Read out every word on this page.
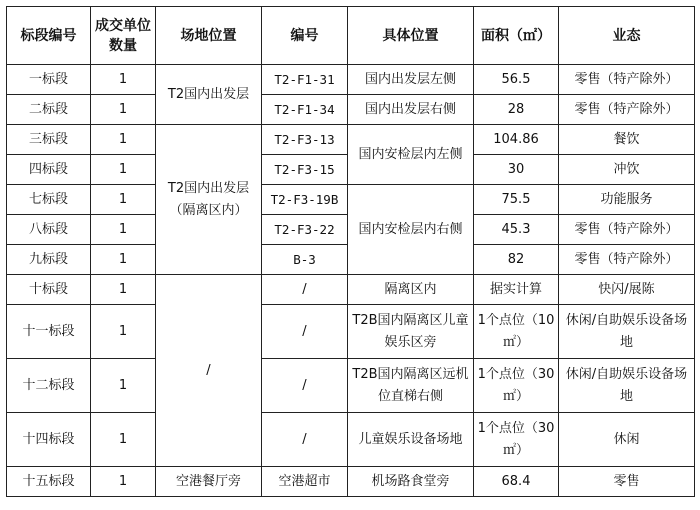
标段编号	成交单位数量	场地位置	编号	具体位置	面积（㎡）	业态
一标段	1	T2国内出发层	T2-F1-31	国内出发层左侧	56.5	零售（特产除外）
二标段	1		T2-F1-34	国内出发层右侧	28	零售（特产除外）
三标段	1	T2国内出发层（隔离区内）	T2-F3-13	国内安检层内左侧	104.86	餐饮
四标段	1		T2-F3-15		30	冲饮
七标段	1		T2-F3-19B	国内安检层内右侧	75.5	功能服务
八标段	1		T2-F3-22		45.3	零售（特产除外）
九标段	1		B-3		82	零售（特产除外）
十标段	1	/	/	隔离区内	据实计算	快闪/展陈
十一标段	1		/	T2B国内隔离区儿童娱乐区旁	1个点位（10㎡）	休闲/自助娱乐设备场地
十二标段	1		/	T2B国内隔离区远机位直梯右侧	1个点位（30㎡）	休闲/自助娱乐设备场地
十四标段	1		/	儿童娱乐设备场地	1个点位（30㎡）	休闲
十五标段	1	空港餐厅旁	空港超市	机场路食堂旁	68.4	零售
